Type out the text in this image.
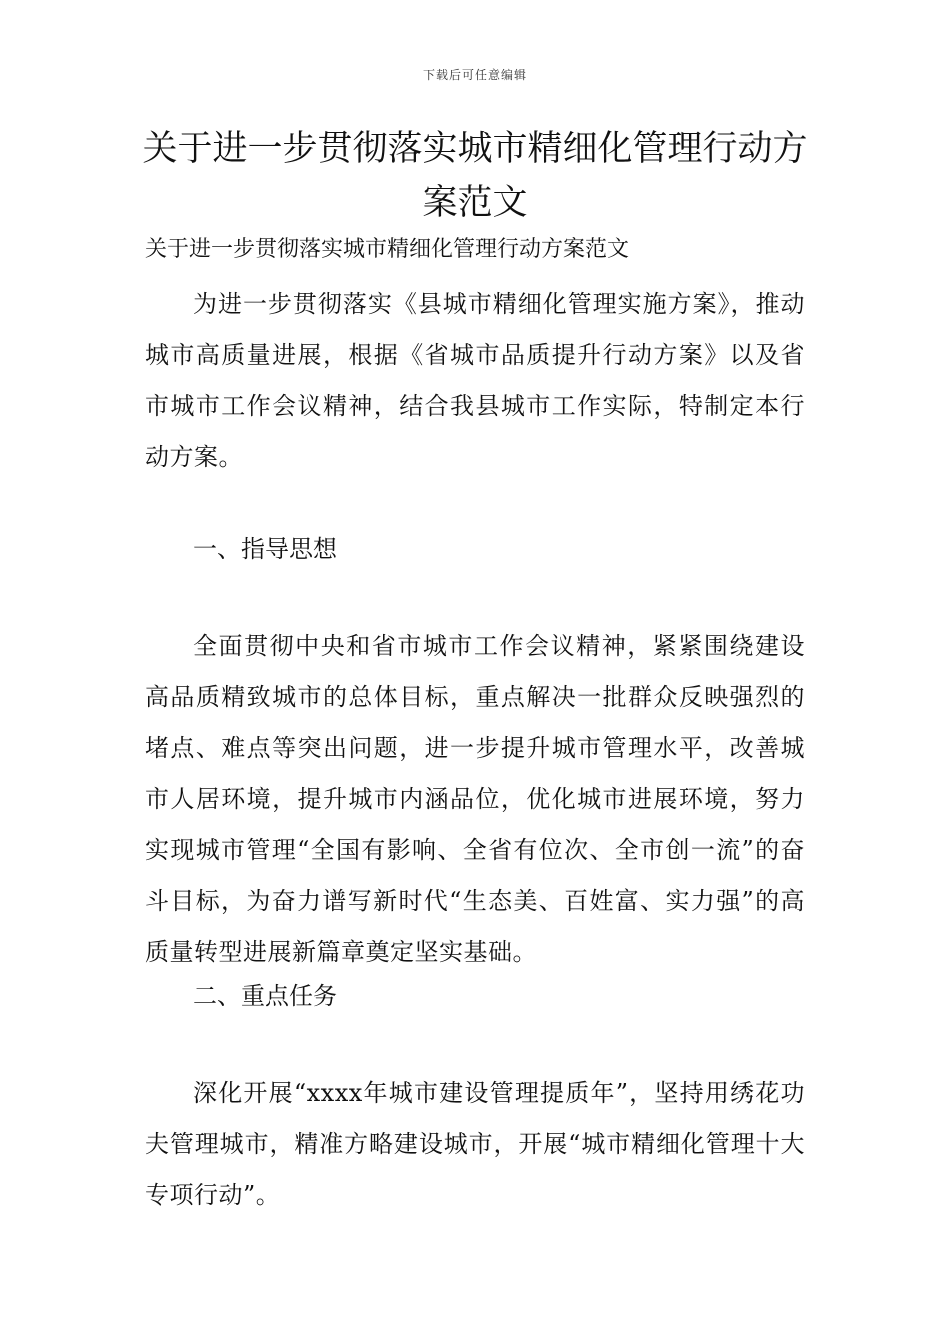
下载后可任意编辑
关于进一步贯彻落实城市精细化管理行动方案范文

关于进一步贯彻落实城市精细化管理行动方案范文

为进一步贯彻落实《县城市精细化管理实施方案》，推动城市高质量进展，根据《省城市品质提升行动方案》以及省市城市工作会议精神，结合我县城市工作实际，特制定本行动方案。

一、指导思想

全面贯彻中央和省市城市工作会议精神，紧紧围绕建设高品质精致城市的总体目标，重点解决一批群众反映强烈的堵点、难点等突出问题，进一步提升城市管理水平，改善城市人居环境，提升城市内涵品位，优化城市进展环境，努力实现城市管理“全国有影响、全省有位次、全市创一流”的奋斗目标，为奋力谱写新时代“生态美、百姓富、实力强”的高质量转型进展新篇章奠定坚实基础。

二、重点任务

深化开展“xxxx年城市建设管理提质年”，坚持用绣花功夫管理城市，精准方略建设城市，开展“城市精细化管理十大专项行动”。
